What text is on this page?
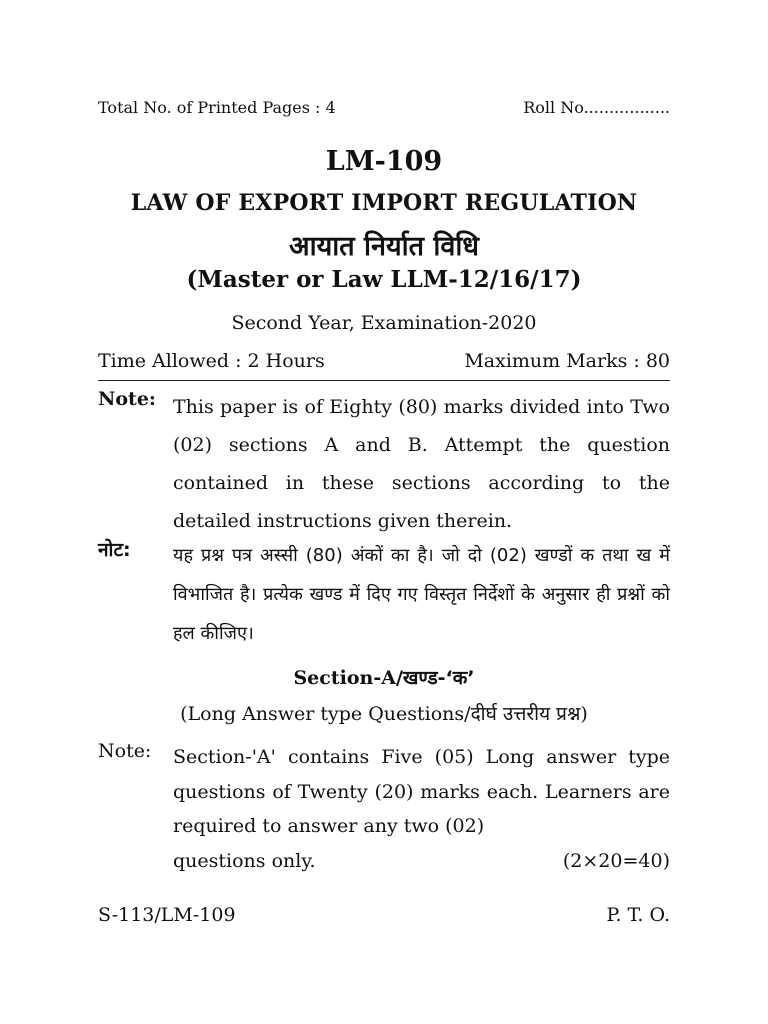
Total No. of Printed Pages : 4	Roll No.................
LM-109
LAW OF EXPORT IMPORT REGULATION
आयात निर्यात विधि
(Master or Law LLM-12/16/17)
Second Year, Examination-2020
Time Allowed : 2 Hours	Maximum Marks : 80
Note: This paper is of Eighty (80) marks divided into Two (02) sections A and B. Attempt the question contained in these sections according to the detailed instructions given therein.
नोट:	यह प्रश्न पत्र अस्सी (80) अंकों का है। जो दो (02) खण्डों क तथा ख में विभाजित है। प्रत्येक खण्ड में दिए गए विस्तृत निर्देशों के अनुसार ही प्रश्नों को हल कीजिए।
Section-A/खण्ड-‘क’
(Long Answer type Questions/दीर्घ उत्तरीय प्रश्न)
Note:	Section-'A' contains Five (05) Long answer type questions of Twenty (20) marks each. Learners are required to answer any two (02)
questions only.	(2×20=40)
S-113/LM-109	P. T. O.
